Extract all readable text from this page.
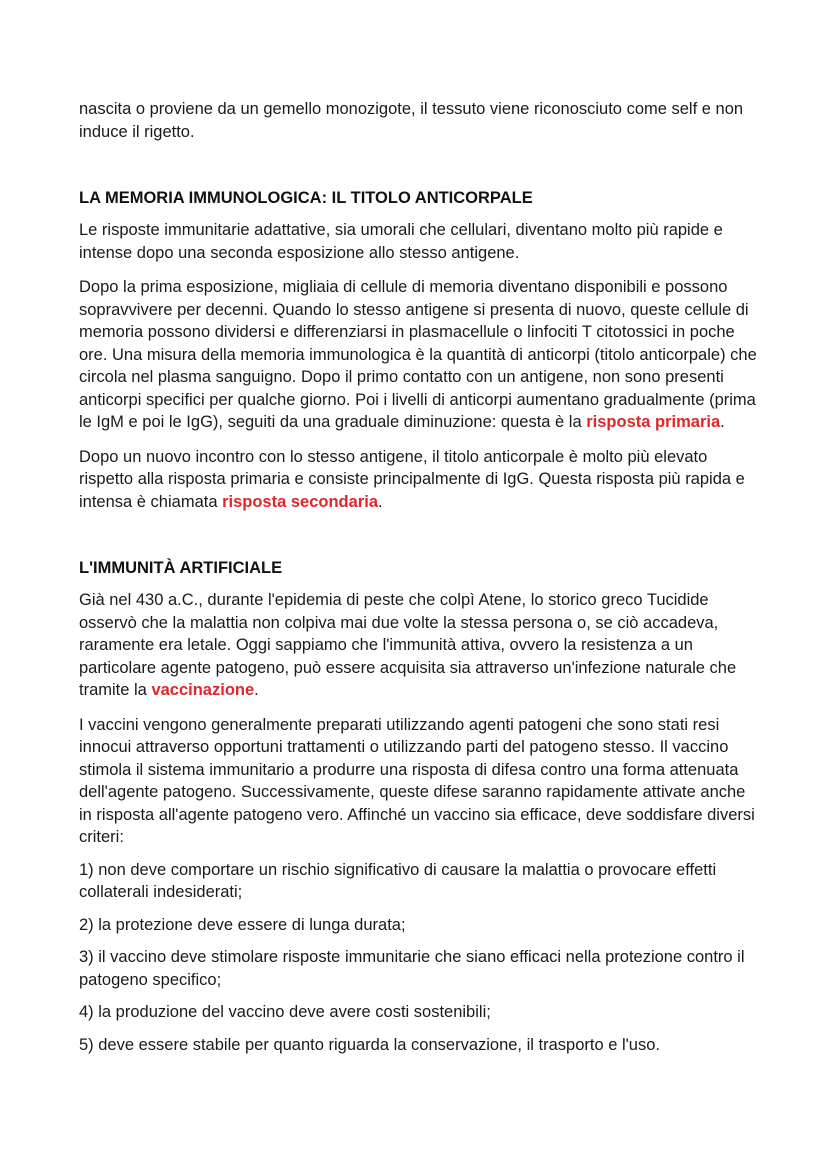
nascita o proviene da un gemello monozigote, il tessuto viene riconosciuto come self e non induce il rigetto.

LA MEMORIA IMMUNOLOGICA: IL TITOLO ANTICORPALE

Le risposte immunitarie adattative, sia umorali che cellulari, diventano molto più rapide e intense dopo una seconda esposizione allo stesso antigene.

Dopo la prima esposizione, migliaia di cellule di memoria diventano disponibili e possono sopravvivere per decenni. Quando lo stesso antigene si presenta di nuovo, queste cellule di memoria possono dividersi e differenziarsi in plasmacellule o linfociti T citotossici in poche ore. Una misura della memoria immunologica è la quantità di anticorpi (titolo anticorpale) che circola nel plasma sanguigno. Dopo il primo contatto con un antigene, non sono presenti anticorpi specifici per qualche giorno. Poi i livelli di anticorpi aumentano gradualmente (prima le IgM e poi le IgG), seguiti da una graduale diminuzione: questa è la risposta primaria.

Dopo un nuovo incontro con lo stesso antigene, il titolo anticorpale è molto più elevato rispetto alla risposta primaria e consiste principalmente di IgG. Questa risposta più rapida e intensa è chiamata risposta secondaria.

L'IMMUNITÀ ARTIFICIALE

Già nel 430 a.C., durante l'epidemia di peste che colpì Atene, lo storico greco Tucidide osservò che la malattia non colpiva mai due volte la stessa persona o, se ciò accadeva, raramente era letale. Oggi sappiamo che l'immunità attiva, ovvero la resistenza a un particolare agente patogeno, può essere acquisita sia attraverso un'infezione naturale che tramite la vaccinazione.

I vaccini vengono generalmente preparati utilizzando agenti patogeni che sono stati resi innocui attraverso opportuni trattamenti o utilizzando parti del patogeno stesso. Il vaccino stimola il sistema immunitario a produrre una risposta di difesa contro una forma attenuata dell'agente patogeno. Successivamente, queste difese saranno rapidamente attivate anche in risposta all'agente patogeno vero. Affinché un vaccino sia efficace, deve soddisfare diversi criteri:

1) non deve comportare un rischio significativo di causare la malattia o provocare effetti collaterali indesiderati;

2) la protezione deve essere di lunga durata;

3) il vaccino deve stimolare risposte immunitarie che siano efficaci nella protezione contro il patogeno specifico;

4) la produzione del vaccino deve avere costi sostenibili;

5) deve essere stabile per quanto riguarda la conservazione, il trasporto e l'uso.
